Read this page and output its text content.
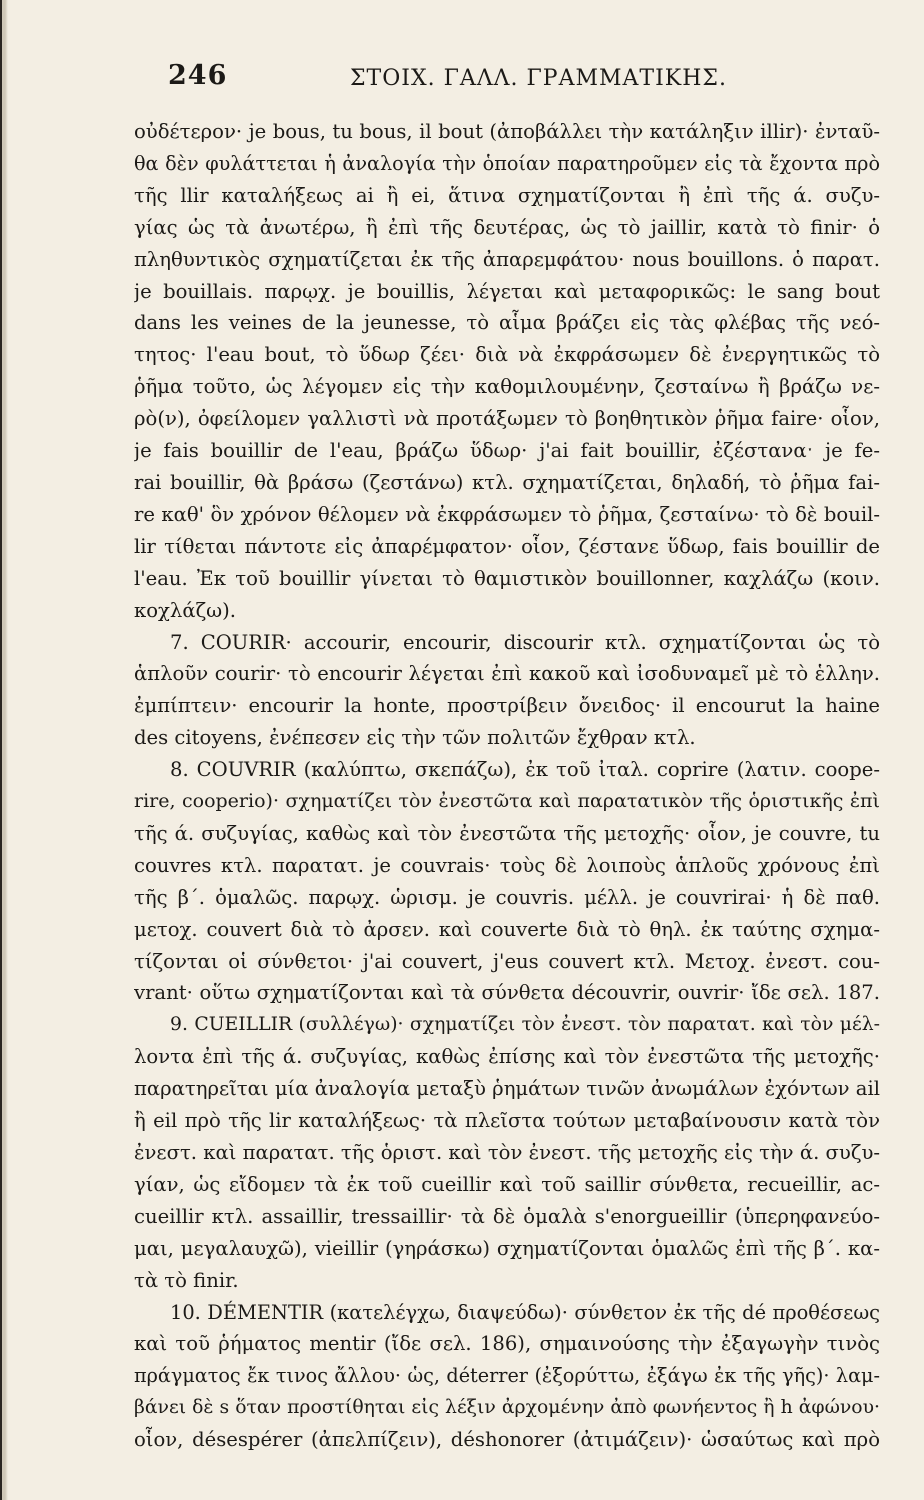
246	ΣΤΟΙΧ. ΓΑΛΛ. ΓΡΑΜΜΑΤΙΚΗΣ.
οὐδέτερον· je bous, tu bous, il bout (ἀποβάλλει τὴν κατάληξιν illir)· ἐνταῦ-
θα δὲν φυλάττεται ἡ ἀναλογία τὴν ὁποίαν παρατηροῦμεν εἰς τὰ ἔχοντα πρὸ
τῆς llir καταλήξεως ai ἢ ei, ἅτινα σχηματίζονται ἢ ἐπὶ τῆς ά. συζυ-
γίας ὡς τὰ ἀνωτέρω, ἢ ἐπὶ τῆς δευτέρας, ὡς τὸ jaillir, κατὰ τὸ finir· ὁ
πληθυντικὸς σχηματίζεται ἐκ τῆς ἀπαρεμφάτου· nous bouillons. ὁ παρατ.
je bouillais. παρῳχ. je bouillis, λέγεται καὶ μεταφορικῶς: le sang bout
dans les veines de la jeunesse, τὸ αἷμα βράζει εἰς τὰς φλέβας τῆς νεό-
τητος· l'eau bout, τὸ ὕδωρ ζέει· διὰ νὰ ἐκφράσωμεν δὲ ἐνεργητικῶς τὸ
ῥῆμα τοῦτο, ὡς λέγομεν εἰς τὴν καθομιλουμένην, ζεσταίνω ἢ βράζω νε-
ρὸ(ν), ὀφείλομεν γαλλιστὶ νὰ προτάξωμεν τὸ βοηθητικὸν ῥῆμα faire· οἷον,
je fais bouillir de l'eau, βράζω ὕδωρ· j'ai fait bouillir, ἐζέσταναˑ je fe-
rai bouillir, θὰ βράσω (ζεστάνω) κτλ. σχηματίζεται, δηλαδή, τὸ ῥῆμα fai-
re καθ' ὃν χρόνον θέλομεν νὰ ἐκφράσωμεν τὸ ῥῆμα, ζεσταίνω· τὸ δὲ bouil-
lir τίθεται πάντοτε εἰς ἀπαρέμφατον· οἷον, ζέστανε ὕδωρ, fais bouillir de
l'eau. Ἐκ τοῦ bouillir γίνεται τὸ θαμιστικὸν bouillonner, καχλάζω (κοιν.
κοχλάζω).
7. COURIR· accourir, encourir, discourir κτλ. σχηματίζονται ὡς τὸ
ἁπλοῦν courir· τὸ encourir λέγεται ἐπὶ κακοῦ καὶ ἰσοδυναμεῖ μὲ τὸ ἑλλην.
ἐμπίπτειν· encourir la honte, προστρίβειν ὄνειδος· il encourut la haine
des citoyens, ἐνέπεσεν εἰς τὴν τῶν πολιτῶν ἔχθραν κτλ.
8. COUVRIR (καλύπτω, σκεπάζω), ἐκ τοῦ ἰταλ. coprire (λατιν. coope-
rire, cooperio)· σχηματίζει τὸν ἐνεστῶτα καὶ παρατατικὸν τῆς ὁριστικῆς ἐπὶ
τῆς ά. συζυγίας, καθὼς καὶ τὸν ἐνεστῶτα τῆς μετοχῆς· οἷον, je couvre, tu
couvres κτλ. παρατατ. je couvrais· τοὺς δὲ λοιποὺς ἁπλοῦς χρόνους ἐπὶ
τῆς β΄. ὁμαλῶς. παρῳχ. ὡρισμ. je couvris. μέλλ. je couvrirai· ἡ δὲ παθ.
μετοχ. couvert διὰ τὸ ἀρσεν. καὶ couverte διὰ τὸ θηλ. ἐκ ταύτης σχημα-
τίζονται οἱ σύνθετοι· j'ai couvert, j'eus couvert κτλ. Μετοχ. ἐνεστ. cou-
vrant· οὕτω σχηματίζονται καὶ τὰ σύνθετα découvrir, ouvrir· ἴδε σελ. 187.
9. CUEILLIR (συλλέγω)· σχηματίζει τὸν ἐνεστ. τὸν παρατατ. καὶ τὸν μέλ-
λοντα ἐπὶ τῆς ά. συζυγίας, καθὼς ἐπίσης καὶ τὸν ἐνεστῶτα τῆς μετοχῆς·
παρατηρεῖται μία ἀναλογία μεταξὺ ῥημάτων τινῶν ἀνωμάλων ἐχόντων ail
ἢ eil πρὸ τῆς lir καταλήξεως· τὰ πλεῖστα τούτων μεταβαίνουσιν κατὰ τὸν
ἐνεστ. καὶ παρατατ. τῆς ὁριστ. καὶ τὸν ἐνεστ. τῆς μετοχῆς εἰς τὴν ά. συζυ-
γίαν, ὡς εἴδομεν τὰ ἐκ τοῦ cueillir καὶ τοῦ saillir σύνθετα, recueillir, ac-
cueillir κτλ. assaillir, tressaillir· τὰ δὲ ὁμαλὰ s'enorgueillir (ὑπερηφανεύο-
μαι, μεγαλαυχῶ), vieillir (γηράσκω) σχηματίζονται ὁμαλῶς ἐπὶ τῆς β΄. κα-
τὰ τὸ finir.
10. DÉMENTIR (κατελέγχω, διαψεύδω)· σύνθετον ἐκ τῆς dé προθέσεως
καὶ τοῦ ῥήματος mentir (ἴδε σελ. 186), σημαινούσης τὴν ἐξαγωγὴν τινὸς
πράγματος ἔκ τινος ἄλλου· ὡς, déterrer (ἐξορύττω, ἐξάγω ἐκ τῆς γῆς)· λαμ-
βάνει δὲ s ὅταν προστίθηται εἰς λέξιν ἀρχομένην ἀπὸ φωνήεντος ἢ h ἀφώνου·
οἷον, désespérer (ἀπελπίζειν), déshonorer (ἀτιμάζειν)· ὡσαύτως καὶ πρὸ
